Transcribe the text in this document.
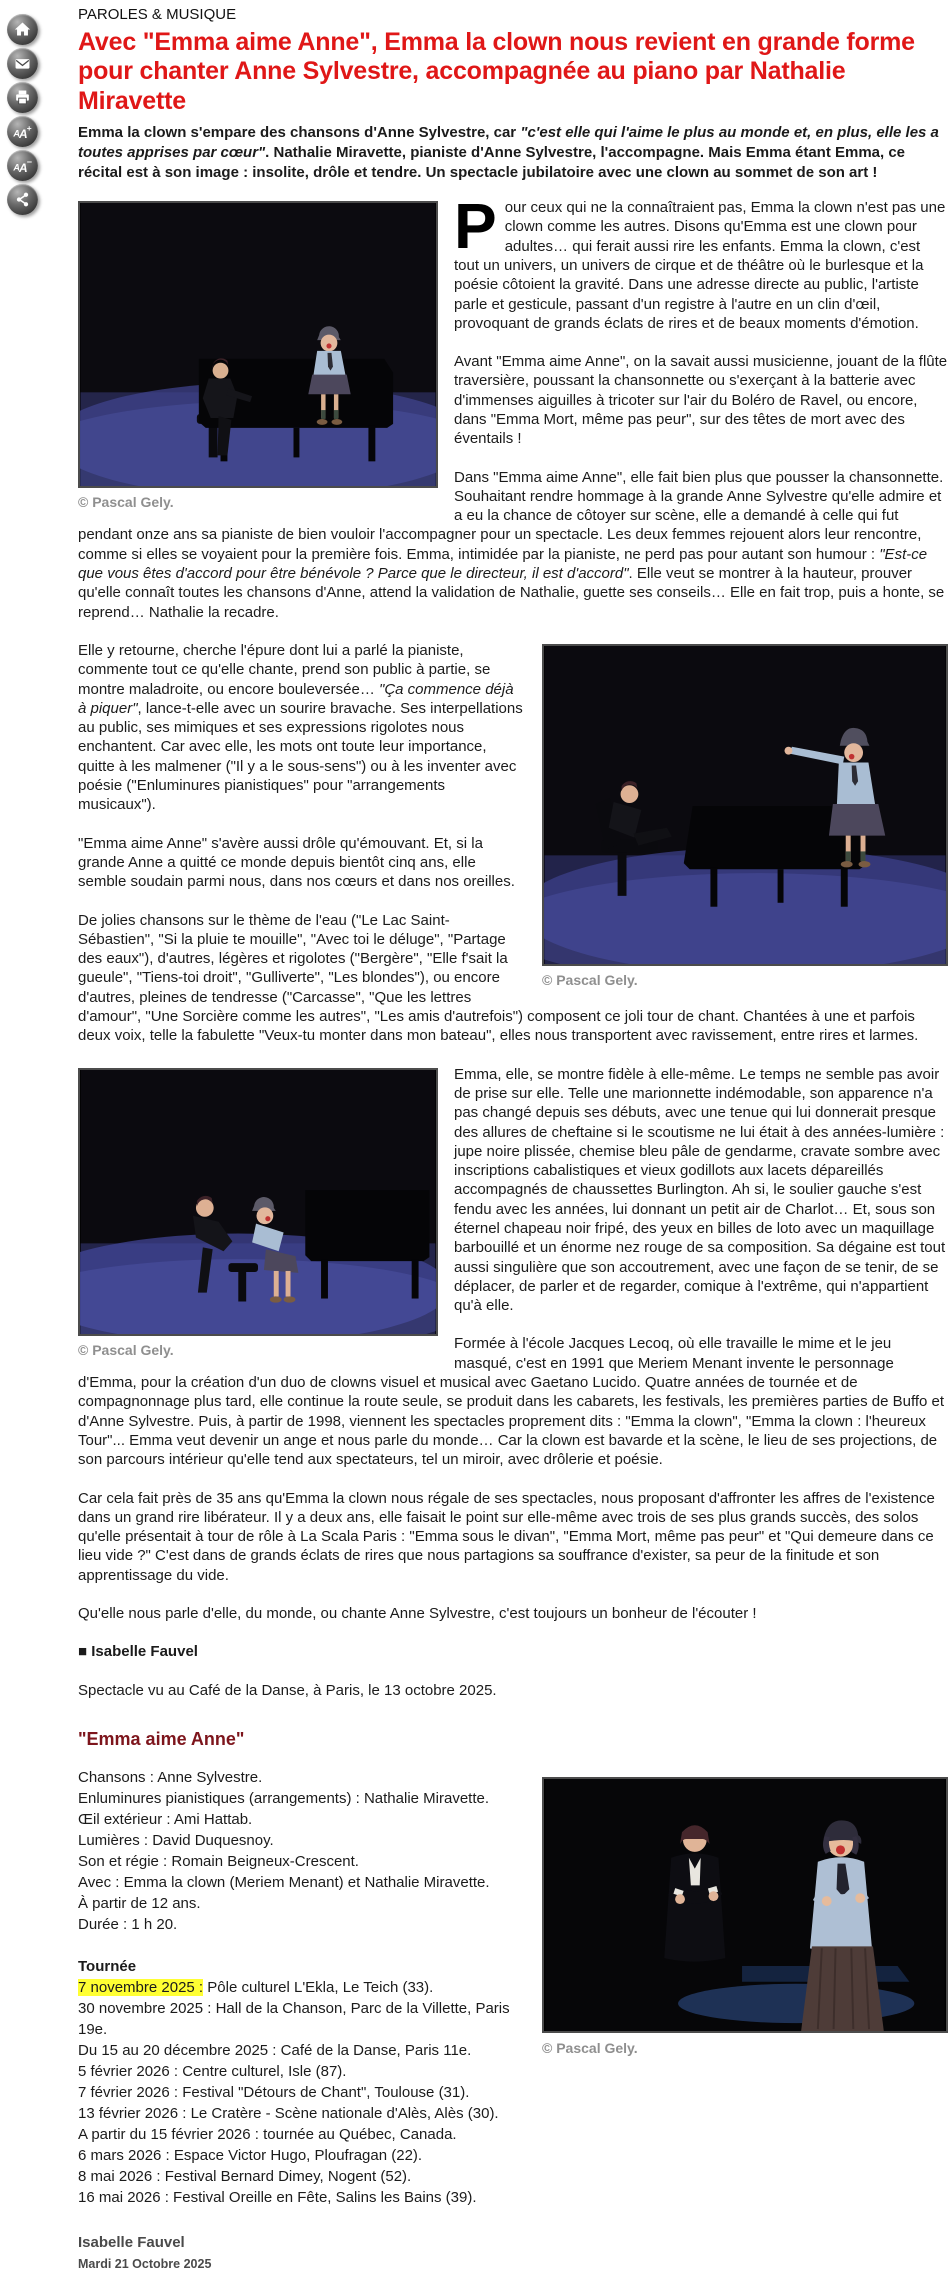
A A +
A A −

PAROLES & MUSIQUE

Avec "Emma aime Anne", Emma la clown nous revient en grande forme pour chanter Anne Sylvestre, accompagnée au piano par Nathalie Miravette

Emma la clown s'empare des chansons d'Anne Sylvestre, car "c'est elle qui l'aime le plus au monde et, en plus, elle les a toutes apprises par cœur". Nathalie Miravette, pianiste d'Anne Sylvestre, l'accompagne. Mais Emma étant Emma, ce récital est à son image : insolite, drôle et tendre. Un spectacle jubilatoire avec une clown au sommet de son art !

© Pascal Gely.

Pour ceux qui ne la connaîtraient pas, Emma la clown n'est pas une clown comme les autres. Disons qu'Emma est une clown pour adultes… qui ferait aussi rire les enfants. Emma la clown, c'est tout un univers, un univers de cirque et de théâtre où le burlesque et la poésie côtoient la gravité. Dans une adresse directe au public, l'artiste parle et gesticule, passant d'un registre à l'autre en un clin d'œil, provoquant de grands éclats de rires et de beaux moments d'émotion.

Avant "Emma aime Anne", on la savait aussi musicienne, jouant de la flûte traversière, poussant la chansonnette ou s'exerçant à la batterie avec d'immenses aiguilles à tricoter sur l'air du Boléro de Ravel, ou encore, dans "Emma Mort, même pas peur", sur des têtes de mort avec des éventails !

Dans "Emma aime Anne", elle fait bien plus que pousser la chansonnette. Souhaitant rendre hommage à la grande Anne Sylvestre qu'elle admire et a eu la chance de côtoyer sur scène, elle a demandé à celle qui fut pendant onze ans sa pianiste de bien vouloir l'accompagner pour un spectacle. Les deux femmes rejouent alors leur rencontre, comme si elles se voyaient pour la première fois. Emma, intimidée par la pianiste, ne perd pas pour autant son humour : "Est-ce que vous êtes d'accord pour être bénévole ? Parce que le directeur, il est d'accord". Elle veut se montrer à la hauteur, prouver qu'elle connaît toutes les chansons d'Anne, attend la validation de Nathalie, guette ses conseils… Elle en fait trop, puis a honte, se reprend… Nathalie la recadre.

© Pascal Gely.

Elle y retourne, cherche l'épure dont lui a parlé la pianiste, commente tout ce qu'elle chante, prend son public à partie, se montre maladroite, ou encore bouleversée… "Ça commence déjà à piquer", lance-t-elle avec un sourire bravache. Ses interpellations au public, ses mimiques et ses expressions rigolotes nous enchantent. Car avec elle, les mots ont toute leur importance, quitte à les malmener ("Il y a le sous-sens") ou à les inventer avec poésie ("Enluminures pianistiques" pour "arrangements musicaux").

"Emma aime Anne" s'avère aussi drôle qu'émouvant. Et, si la grande Anne a quitté ce monde depuis bientôt cinq ans, elle semble soudain parmi nous, dans nos cœurs et dans nos oreilles.

De jolies chansons sur le thème de l'eau ("Le Lac Saint-Sébastien", "Si la pluie te mouille", "Avec toi le déluge", "Partage des eaux"), d'autres, légères et rigolotes ("Bergère", "Elle f'sait la gueule", "Tiens-toi droit", "Gulliverte", "Les blondes"), ou encore d'autres, pleines de tendresse ("Carcasse", "Que les lettres d'amour", "Une Sorcière comme les autres", "Les amis d'autrefois") composent ce joli tour de chant. Chantées à une et parfois deux voix, telle la fabulette "Veux-tu monter dans mon bateau", elles nous transportent avec ravissement, entre rires et larmes.

© Pascal Gely.

Emma, elle, se montre fidèle à elle-même. Le temps ne semble pas avoir de prise sur elle. Telle une marionnette indémodable, son apparence n'a pas changé depuis ses débuts, avec une tenue qui lui donnerait presque des allures de cheftaine si le scoutisme ne lui était à des années-lumière : jupe noire plissée, chemise bleu pâle de gendarme, cravate sombre avec inscriptions cabalistiques et vieux godillots aux lacets dépareillés accompagnés de chaussettes Burlington. Ah si, le soulier gauche s'est fendu avec les années, lui donnant un petit air de Charlot… Et, sous son éternel chapeau noir fripé, des yeux en billes de loto avec un maquillage barbouillé et un énorme nez rouge de sa composition. Sa dégaine est tout aussi singulière que son accoutrement, avec une façon de se tenir, de se déplacer, de parler et de regarder, comique à l'extrême, qui n'appartient qu'à elle.

Formée à l'école Jacques Lecoq, où elle travaille le mime et le jeu masqué, c'est en 1991 que Meriem Menant invente le personnage d'Emma, pour la création d'un duo de clowns visuel et musical avec Gaetano Lucido. Quatre années de tournée et de compagnonnage plus tard, elle continue la route seule, se produit dans les cabarets, les festivals, les premières parties de Buffo et d'Anne Sylvestre. Puis, à partir de 1998, viennent les spectacles proprement dits : "Emma la clown", "Emma la clown : l'heureux Tour"... Emma veut devenir un ange et nous parle du monde… Car la clown est bavarde et la scène, le lieu de ses projections, de son parcours intérieur qu'elle tend aux spectateurs, tel un miroir, avec drôlerie et poésie.

Car cela fait près de 35 ans qu'Emma la clown nous régale de ses spectacles, nous proposant d'affronter les affres de l'existence dans un grand rire libérateur. Il y a deux ans, elle faisait le point sur elle-même avec trois de ses plus grands succès, des solos qu'elle présentait à tour de rôle à La Scala Paris : "Emma sous le divan", "Emma Mort, même pas peur" et "Qui demeure dans ce lieu vide ?" C'est dans de grands éclats de rires que nous partagions sa souffrance d'exister, sa peur de la finitude et son apprentissage du vide.

Qu'elle nous parle d'elle, du monde, ou chante Anne Sylvestre, c'est toujours un bonheur de l'écouter !

■ Isabelle Fauvel

Spectacle vu au Café de la Danse, à Paris, le 13 octobre 2025.

"Emma aime Anne"
© Pascal Gely.
Chansons : Anne Sylvestre.
Enluminures pianistiques (arrangements) : Nathalie Miravette.
Œil extérieur : Ami Hattab.
Lumières : David Duquesnoy.
Son et régie : Romain Beigneux-Crescent.
Avec : Emma la clown (Meriem Menant) et Nathalie Miravette.
À partir de 12 ans.
Durée : 1 h 20.
Tournée
7 novembre 2025 : Pôle culturel L'Ekla, Le Teich (33).
30 novembre 2025 : Hall de la Chanson, Parc de la Villette, Paris 19e.
Du 15 au 20 décembre 2025 : Café de la Danse, Paris 11e.
5 février 2026 : Centre culturel, Isle (87).
7 février 2026 : Festival "Détours de Chant", Toulouse (31).
13 février 2026 : Le Cratère - Scène nationale d'Alès, Alès (30).
A partir du 15 février 2026 : tournée au Québec, Canada.
6 mars 2026 : Espace Victor Hugo, Ploufragan (22).
8 mai 2026 : Festival Bernard Dimey, Nogent (52).
16 mai 2026 : Festival Oreille en Fête, Salins les Bains (39).
Isabelle Fauvel
Mardi 21 Octobre 2025
